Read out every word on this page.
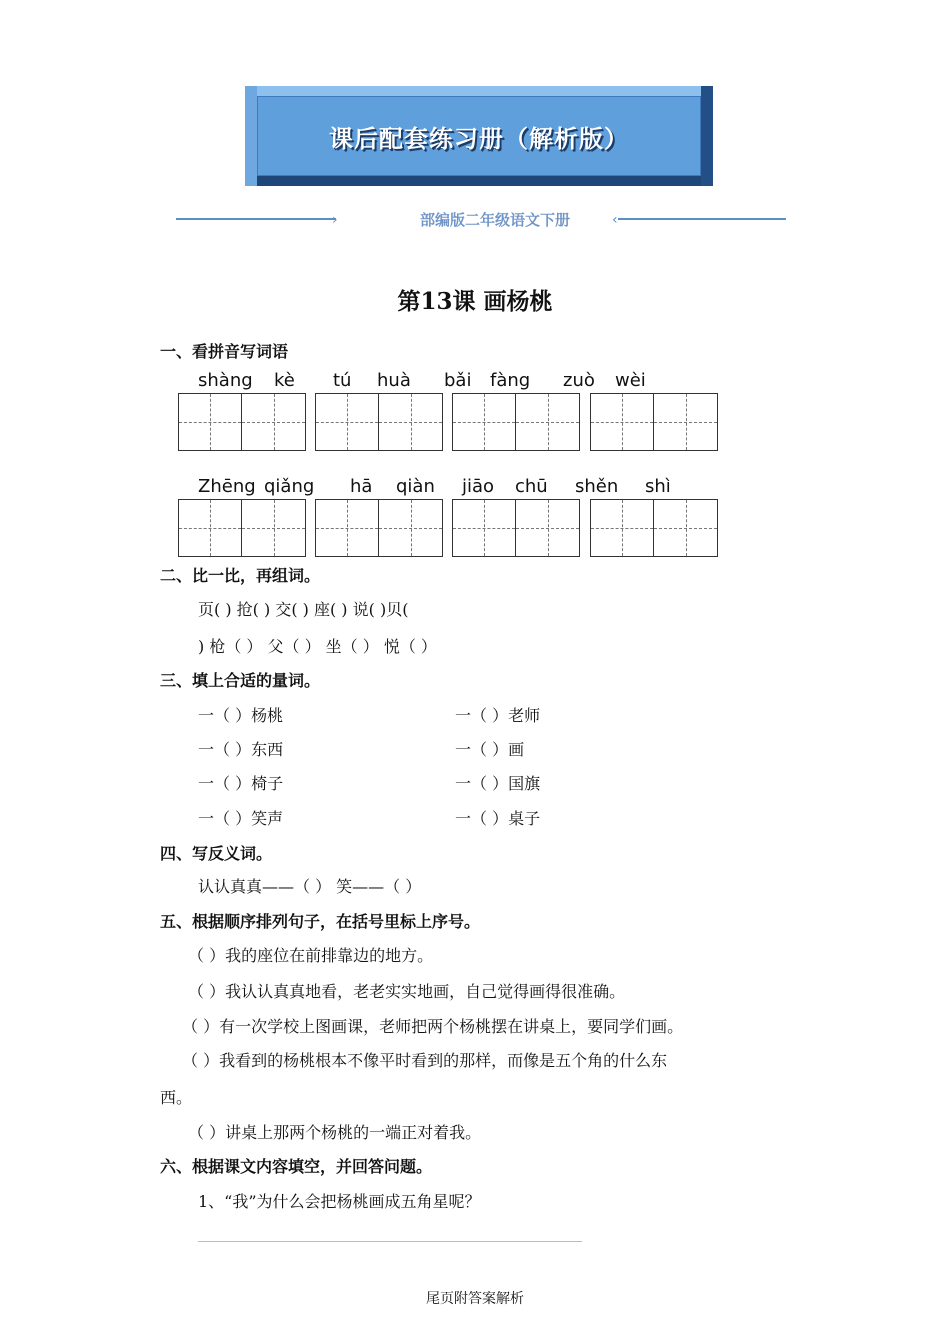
课后配套练习册（解析版）
›	部编版二年级语文下册	‹
第13课 画杨桃
一、看拼音写词语
shàng kè tú huà bǎi fàng zuò wèi
Zhēng qiǎng hā qiàn jiāo chū shěn shì
二、比一比，再组词。
页( ) 抢( ) 交( ) 座( ) 说( )贝(
) 枪（ ） 父（ ） 坐（ ） 悦（ ）
三、填上合适的量词。
一（ ）杨桃	一（ ）老师
一（ ）东西	一（ ）画
一（ ）椅子	一（ ）国旗
一（ ）笑声	一（ ）桌子
四、写反义词。
认认真真——（ ） 笑——（ ）
五、根据顺序排列句子，在括号里标上序号。
（ ）我的座位在前排靠边的地方。
（ ）我认认真真地看，老老实实地画，自己觉得画得很准确。
（ ）有一次学校上图画课，老师把两个杨桃摆在讲桌上，要同学们画。
（ ）我看到的杨桃根本不像平时看到的那样，而像是五个角的什么东
西。
（ ）讲桌上那两个杨桃的一端正对着我。
六、根据课文内容填空，并回答问题。
1、“我”为什么会把杨桃画成五角星呢？
尾页附答案解析
